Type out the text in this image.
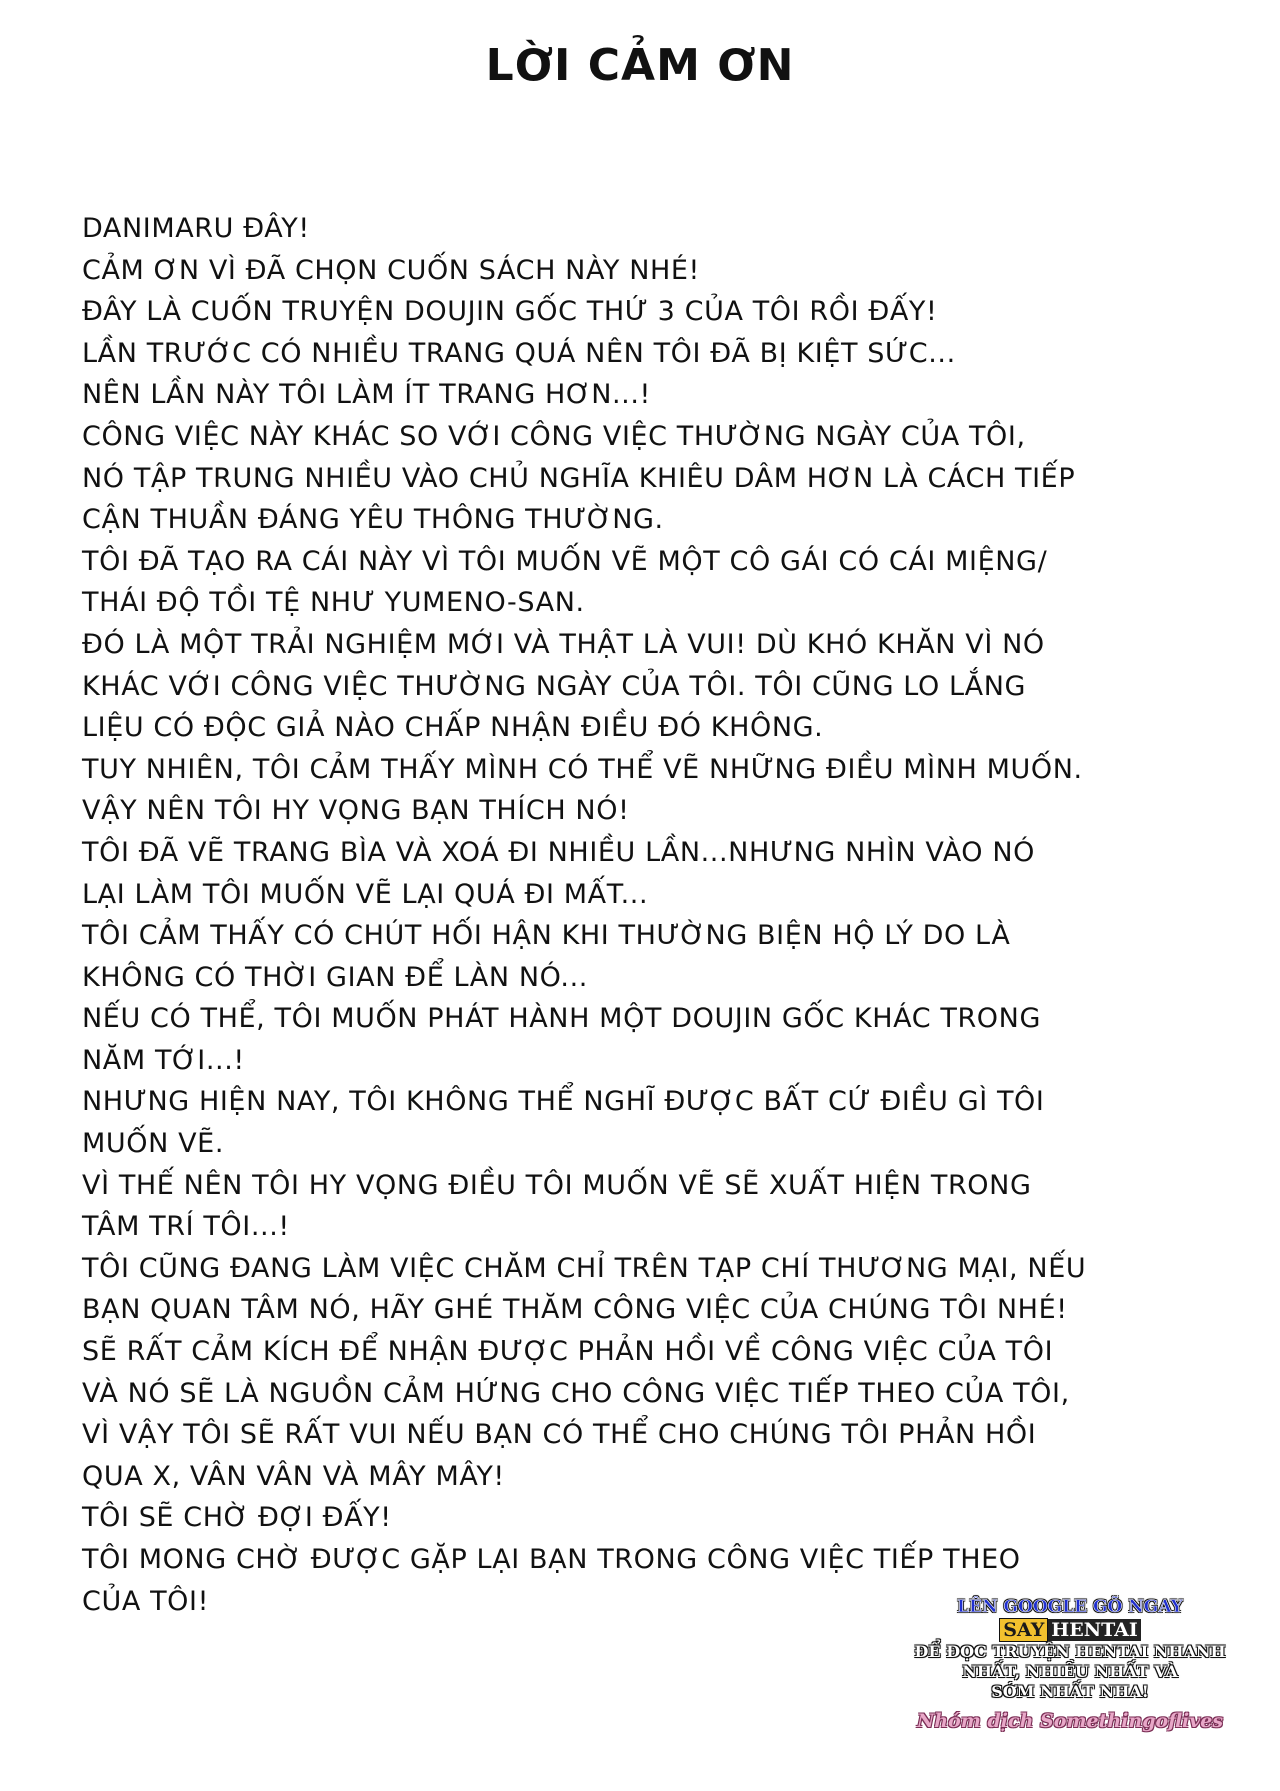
LỜI CẢM ƠN
DANIMARU ĐÂY!
CẢM ƠN VÌ ĐÃ CHỌN CUỐN SÁCH NÀY NHÉ!
ĐÂY LÀ CUỐN TRUYỆN DOUJIN GỐC THỨ 3 CỦA TÔI RỒI ĐẤY!
LẦN TRƯỚC CÓ NHIỀU TRANG QUÁ NÊN TÔI ĐÃ BỊ KIỆT SỨC...
NÊN LẦN NÀY TÔI LÀM ÍT TRANG HƠN...!
CÔNG VIỆC NÀY KHÁC SO VỚI CÔNG VIỆC THƯỜNG NGÀY CỦA TÔI,
NÓ TẬP TRUNG NHIỀU VÀO CHỦ NGHĨA KHIÊU DÂM HƠN LÀ CÁCH TIẾP
CẬN THUẦN ĐÁNG YÊU THÔNG THƯỜNG.
TÔI ĐÃ TẠO RA CÁI NÀY VÌ TÔI MUỐN VẼ MỘT CÔ GÁI CÓ CÁI MIỆNG/
THÁI ĐỘ TỒI TỆ NHƯ YUMENO-SAN.
ĐÓ LÀ MỘT TRẢI NGHIỆM MỚI VÀ THẬT LÀ VUI! DÙ KHÓ KHĂN VÌ NÓ
KHÁC VỚI CÔNG VIỆC THƯỜNG NGÀY CỦA TÔI. TÔI CŨNG LO LẮNG
LIỆU CÓ ĐỘC GIẢ NÀO CHẤP NHẬN ĐIỀU ĐÓ KHÔNG.
TUY NHIÊN, TÔI CẢM THẤY MÌNH CÓ THỂ VẼ NHỮNG ĐIỀU MÌNH MUỐN.
VẬY NÊN TÔI HY VỌNG BẠN THÍCH NÓ!
TÔI ĐÃ VẼ TRANG BÌA VÀ XOÁ ĐI NHIỀU LẦN...NHƯNG NHÌN VÀO NÓ
LẠI LÀM TÔI MUỐN VẼ LẠI QUÁ ĐI MẤT...
TÔI CẢM THẤY CÓ CHÚT HỐI HẬN KHI THƯỜNG BIỆN HỘ LÝ DO LÀ
KHÔNG CÓ THỜI GIAN ĐỂ LÀN NÓ...
NẾU CÓ THỂ, TÔI MUỐN PHÁT HÀNH MỘT DOUJIN GỐC KHÁC TRONG
NĂM TỚI...!
NHƯNG HIỆN NAY, TÔI KHÔNG THỂ NGHĨ ĐƯỢC BẤT CỨ ĐIỀU GÌ TÔI
MUỐN VẼ.
VÌ THẾ NÊN TÔI HY VỌNG ĐIỀU TÔI MUỐN VẼ SẼ XUẤT HIỆN TRONG
TÂM TRÍ TÔI...!
TÔI CŨNG ĐANG LÀM VIỆC CHĂM CHỈ TRÊN TẠP CHÍ THƯƠNG MẠI, NẾU
BẠN QUAN TÂM NÓ, HÃY GHÉ THĂM CÔNG VIỆC CỦA CHÚNG TÔI NHÉ!
SẼ RẤT CẢM KÍCH ĐỂ NHẬN ĐƯỢC PHẢN HỒI VỀ CÔNG VIỆC CỦA TÔI
VÀ NÓ SẼ LÀ NGUỒN CẢM HỨNG CHO CÔNG VIỆC TIẾP THEO CỦA TÔI,
VÌ VẬY TÔI SẼ RẤT VUI NẾU BẠN CÓ THỂ CHO CHÚNG TÔI PHẢN HỒI
QUA X, VÂN VÂN VÀ MÂY MÂY!
TÔI SẼ CHỜ ĐỢI ĐẤY!
TÔI MONG CHỜ ĐƯỢC GẶP LẠI BẠN TRONG CÔNG VIỆC TIẾP THEO
CỦA TÔI!	LÊN GOOGLE GÕ NGAY
SAY HENTAI
ĐỂ ĐỌC TRUYỆN HENTAI NHANH
NHẤT, NHIỀU NHẤT VÀ
SỚM NHẤT NHA!
Nhóm dịch Somethingoflives
